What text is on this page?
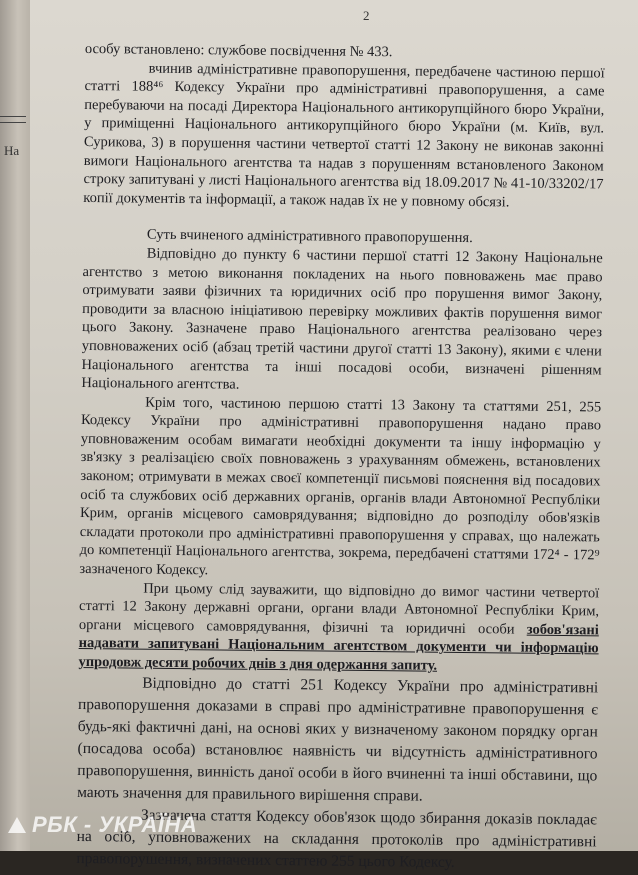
На
2

особу встановлено: службове посвідчення № 433.

вчинив адміністративне правопорушення, передбачене частиною першої статті 188⁴⁶ Кодексу України про адміністративні правопорушення, а саме перебуваючи на посаді Директора Національного антикорупційного бюро України, у приміщенні Національного антикорупційного бюро України (м. Київ, вул. Сурикова, 3) в порушення частини четвертої статті 12 Закону не виконав законні вимоги Національного агентства та надав з порушенням встановленого Законом строку запитувані у листі Національного агентства від 18.09.2017 № 41-10/33202/17 копії документів та інформації, а також надав їх не у повному обсязі.

Суть вчиненого адміністративного правопорушення.

Відповідно до пункту 6 частини першої статті 12 Закону Національне агентство з метою виконання покладених на нього повноважень має право отримувати заяви фізичних та юридичних осіб про порушення вимог Закону, проводити за власною ініціативою перевірку можливих фактів порушення вимог цього Закону. Зазначене право Національного агентства реалізовано через уповноважених осіб (абзац третій частини другої статті 13 Закону), якими є члени Національного агентства та інші посадові особи, визначені рішенням Національного агентства.

Крім того, частиною першою статті 13 Закону та статтями 251, 255 Кодексу України про адміністративні правопорушення надано право уповноваженим особам вимагати необхідні документи та іншу інформацію у зв'язку з реалізацією своїх повноважень з урахуванням обмежень, встановлених законом; отримувати в межах своєї компетенції письмові пояснення від посадових осіб та службових осіб державних органів, органів влади Автономної Республіки Крим, органів місцевого самоврядування; відповідно до розподілу обов'язків складати протоколи про адміністративні правопорушення у справах, що належать до компетенції Національного агентства, зокрема, передбачені статтями 172⁴ - 172⁹ зазначеного Кодексу.

При цьому слід зауважити, що відповідно до вимог частини четвертої статті 12 Закону державні органи, органи влади Автономної Республіки Крим, органи місцевого самоврядування, фізичні та юридичні особи зобов'язані надавати запитувані Національним агентством документи чи інформацію упродовж десяти робочих днів з дня одержання запиту.

Відповідно до статті 251 Кодексу України про адміністративні правопорушення доказами в справі про адміністративне правопорушення є будь-які фактичні дані, на основі яких у визначеному законом порядку орган (посадова особа) встановлює наявність чи відсутність адміністративного правопорушення, винність даної особи в його вчиненні та інші обставини, що мають значення для правильного вирішення справи.

Зазначена стаття Кодексу обов'язок щодо збирання доказів покладає на осіб, уповноважених на складання протоколів про адміністративні правопорушення, визначених статтею 255 цього Кодексу.

РБК - УКРАЇНА
